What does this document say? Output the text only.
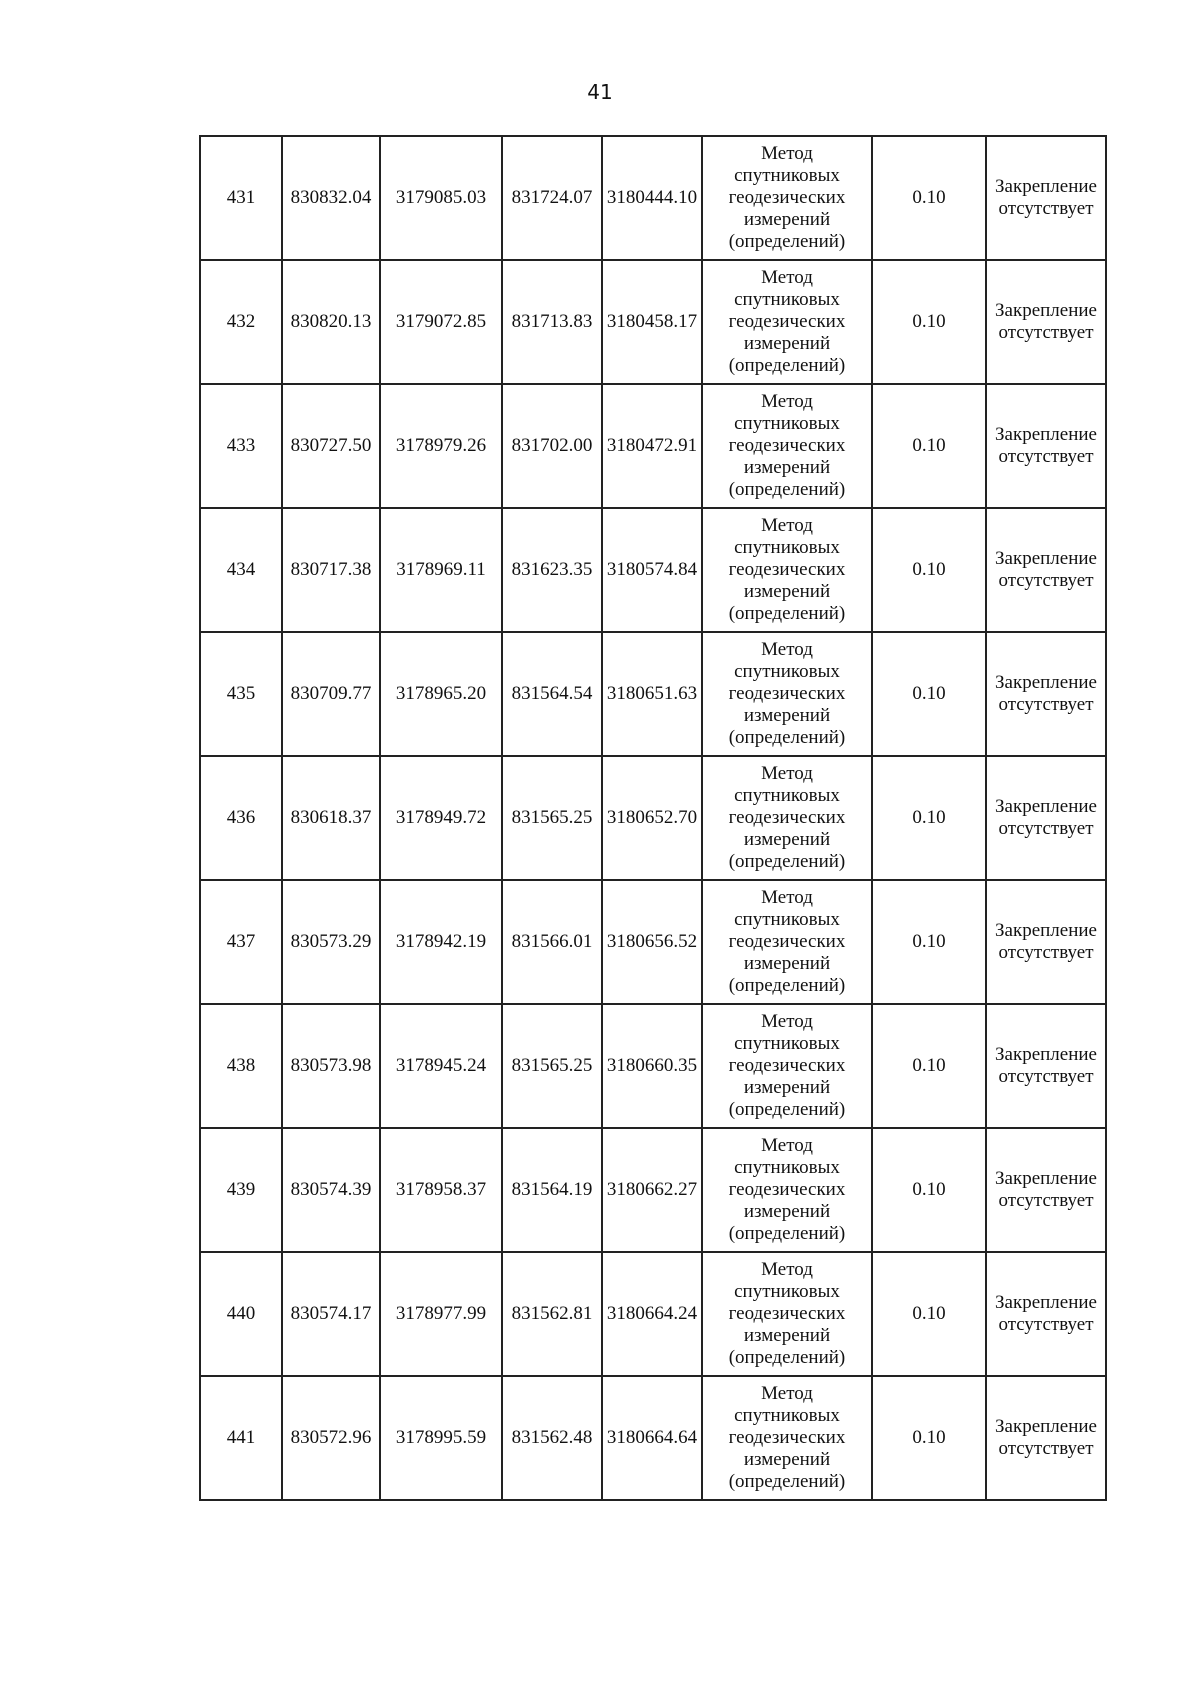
41
431	830832.04	3179085.03	831724.07	3180444.10	Метод
спутниковых
геодезических
измерений
(определений)	0.10	Закрепление
отсутствует
432	830820.13	3179072.85	831713.83	3180458.17	Метод
спутниковых
геодезических
измерений
(определений)	0.10	Закрепление
отсутствует
433	830727.50	3178979.26	831702.00	3180472.91	Метод
спутниковых
геодезических
измерений
(определений)	0.10	Закрепление
отсутствует
434	830717.38	3178969.11	831623.35	3180574.84	Метод
спутниковых
геодезических
измерений
(определений)	0.10	Закрепление
отсутствует
435	830709.77	3178965.20	831564.54	3180651.63	Метод
спутниковых
геодезических
измерений
(определений)	0.10	Закрепление
отсутствует
436	830618.37	3178949.72	831565.25	3180652.70	Метод
спутниковых
геодезических
измерений
(определений)	0.10	Закрепление
отсутствует
437	830573.29	3178942.19	831566.01	3180656.52	Метод
спутниковых
геодезических
измерений
(определений)	0.10	Закрепление
отсутствует
438	830573.98	3178945.24	831565.25	3180660.35	Метод
спутниковых
геодезических
измерений
(определений)	0.10	Закрепление
отсутствует
439	830574.39	3178958.37	831564.19	3180662.27	Метод
спутниковых
геодезических
измерений
(определений)	0.10	Закрепление
отсутствует
440	830574.17	3178977.99	831562.81	3180664.24	Метод
спутниковых
геодезических
измерений
(определений)	0.10	Закрепление
отсутствует
441	830572.96	3178995.59	831562.48	3180664.64	Метод
спутниковых
геодезических
измерений
(определений)	0.10	Закрепление
отсутствует
